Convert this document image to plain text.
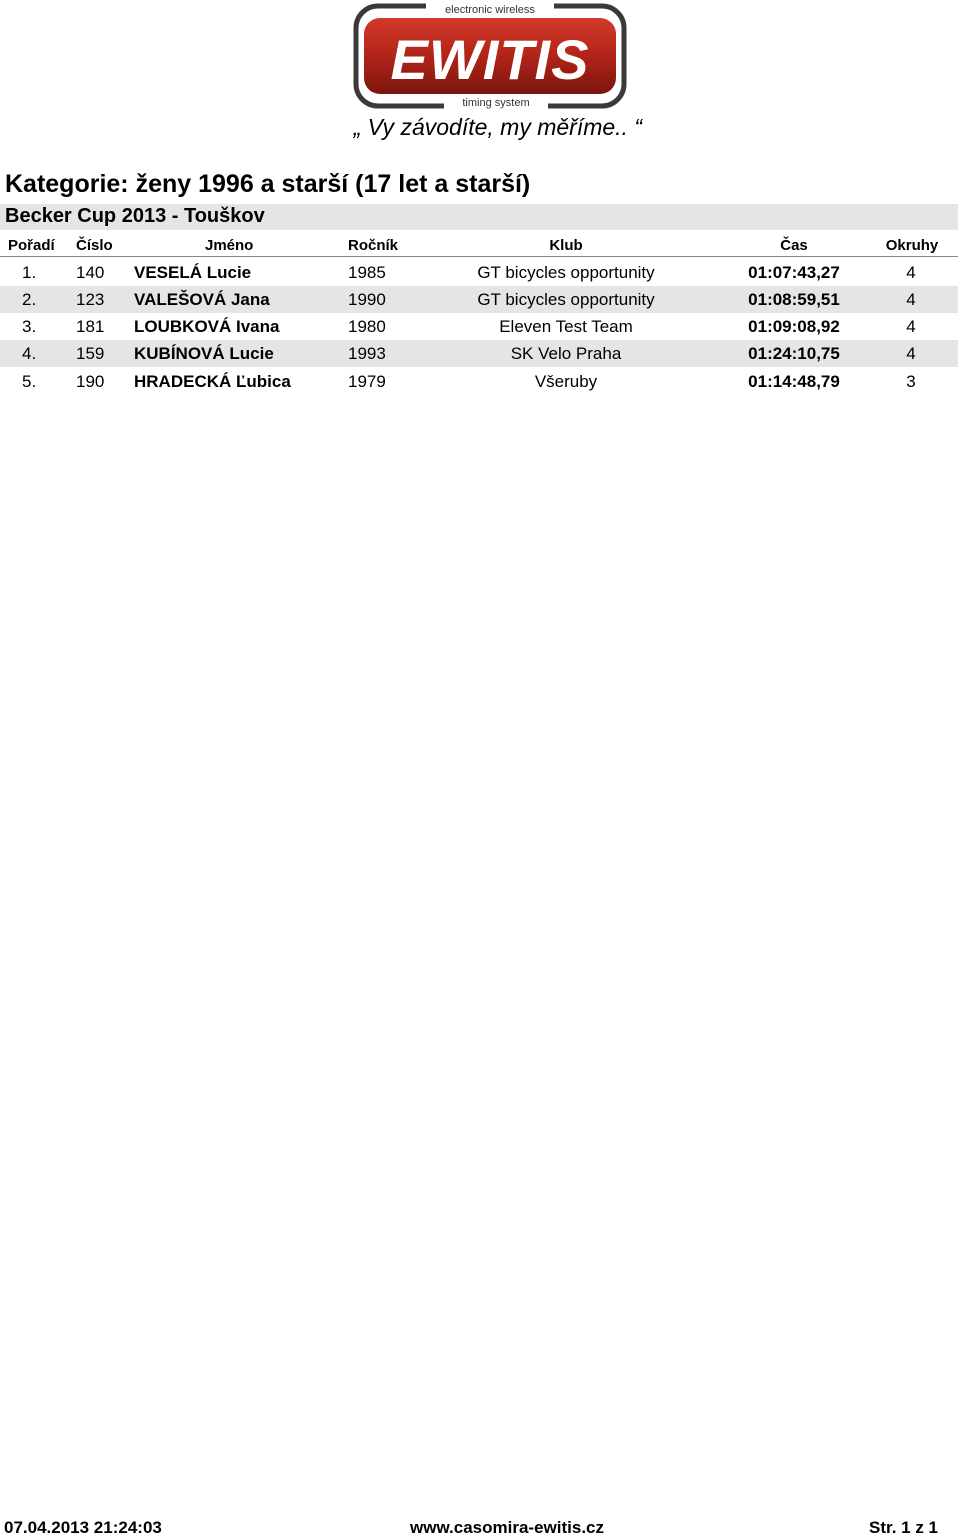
electronic wireless
EWITIS
timing system
„ Vy závodíte, my měříme.. “
Kategorie: ženy 1996 a starší (17 let a starší)
Becker Cup 2013 - Touškov
Pořadí Číslo	Jméno	Ročník	Klub	Čas	Okruhy
1. 140 VESELÁ Lucie	1985	GT bicycles opportunity	01:07:43,27	4
2. 123 VALEŠOVÁ Jana	1990	GT bicycles opportunity	01:08:59,51	4
3. 181 LOUBKOVÁ Ivana	1980	Eleven Test Team	01:09:08,92	4
4. 159 KUBÍNOVÁ Lucie	1993	SK Velo Praha	01:24:10,75	4
5. 190 HRADECKÁ Ľubica	1979	Všeruby	01:14:48,79	3
07.04.2013 21:24:03	www.casomira-ewitis.cz	Str. 1 z 1
